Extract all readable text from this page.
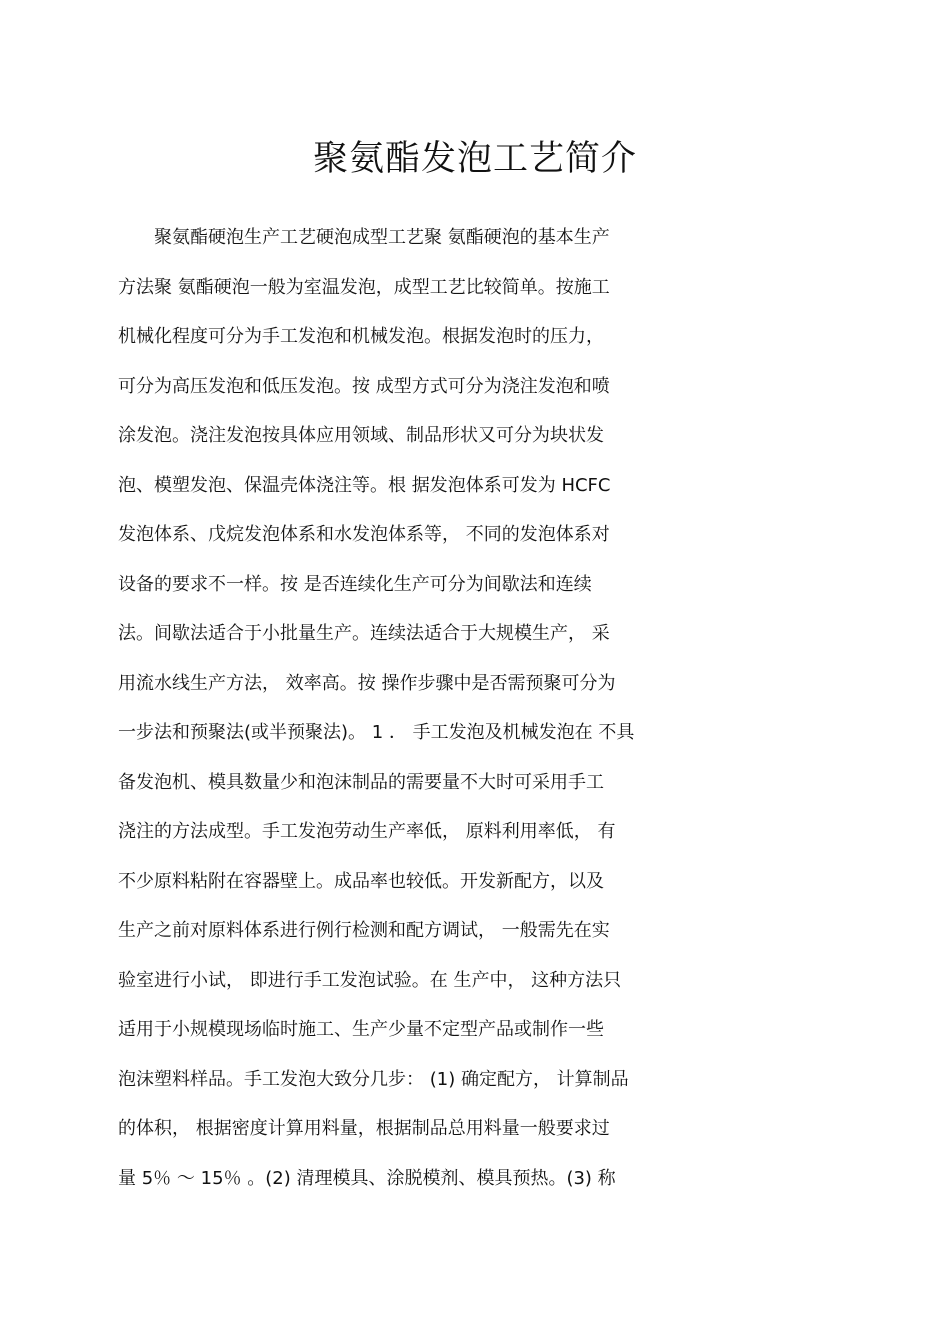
聚氨酯发泡工艺简介
　　聚氨酯硬泡生产工艺硬泡成型工艺聚 氨酯硬泡的基本生产
方法聚 氨酯硬泡一般为室温发泡，成型工艺比较简单。按施工
机械化程度可分为手工发泡和机械发泡。根据发泡时的压力，
可分为高压发泡和低压发泡。按 成型方式可分为浇注发泡和喷
涂发泡。浇注发泡按具体应用领域、制品形状又可分为块状发
泡、模塑发泡、保温壳体浇注等。根 据发泡体系可发为 HCFC
发泡体系、戊烷发泡体系和水发泡体系等， 不同的发泡体系对
设备的要求不一样。按 是否连续化生产可分为间歇法和连续
法。间歇法适合于小批量生产。连续法适合于大规模生产， 采
用流水线生产方法， 效率高。按 操作步骤中是否需预聚可分为
一步法和预聚法(或半预聚法)。 1 ． 手工发泡及机械发泡在 不具
备发泡机、模具数量少和泡沫制品的需要量不大时可采用手工
浇注的方法成型。手工发泡劳动生产率低， 原料利用率低， 有
不少原料粘附在容器壁上。成品率也较低。开发新配方，以及
生产之前对原料体系进行例行检测和配方调试， 一般需先在实
验室进行小试， 即进行手工发泡试验。在 生产中， 这种方法只
适用于小规模现场临时施工、生产少量不定型产品或制作一些
泡沫塑料样品。手工发泡大致分几步： (1) 确定配方， 计算制品
的体积， 根据密度计算用料量，根据制品总用料量一般要求过
量 5％ ～ 15％ 。(2) 清理模具、涂脱模剂、模具预热。(3) 称
